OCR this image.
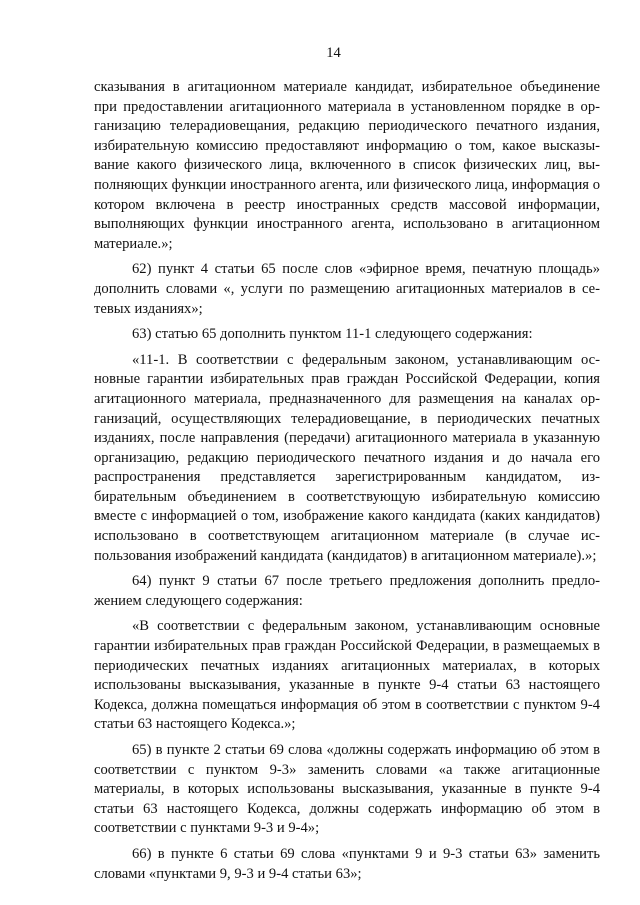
14

сказывания в агитационном материале кандидат, избирательное объединение при предоставлении агитационного материала в установленном порядке в организацию телерадиовещания, редакцию периодического печатного издания, избирательную комиссию предоставляют информацию о том, какое высказывание какого физического лица, включенного в список физических лиц, выполняющих функции иностранного агента, или физического лица, информация о котором включена в реестр иностранных средств массовой информации, выполняющих функции иностранного агента, использовано в агитационном материале.»;

62) пункт 4 статьи 65 после слов «эфирное время, печатную площадь» дополнить словами «, услуги по размещению агитационных материалов в сетевых изданиях»;

63) статью 65 дополнить пунктом 11-1 следующего содержания:

«11-1. В соответствии с федеральным законом, устанавливающим основные гарантии избирательных прав граждан Российской Федерации, копия агитационного материала, предназначенного для размещения на каналах организаций, осуществляющих телерадиовещание, в периодических печатных изданиях, после направления (передачи) агитационного материала в указанную организацию, редакцию периодического печатного издания и до начала его распространения представляется зарегистрированным кандидатом, избирательным объединением в соответствующую избирательную комиссию вместе с информацией о том, изображение какого кандидата (каких кандидатов) использовано в соответствующем агитационном материале (в случае использования изображений кандидата (кандидатов) в агитационном материале).»;

64) пункт 9 статьи 67 после третьего предложения дополнить предложением следующего содержания:

«В соответствии с федеральным законом, устанавливающим основные гарантии избирательных прав граждан Российской Федерации, в размещаемых в периодических печатных изданиях агитационных материалах, в которых использованы высказывания, указанные в пункте 9-4 статьи 63 настоящего Кодекса, должна помещаться информация об этом в соответствии с пунктом 9-4 статьи 63 настоящего Кодекса.»;

65) в пункте 2 статьи 69 слова «должны содержать информацию об этом в соответствии с пунктом 9-3» заменить словами «а также агитационные материалы, в которых использованы высказывания, указанные в пункте 9-4 статьи 63 настоящего Кодекса, должны содержать информацию об этом в соответствии с пунктами 9-3 и 9-4»;

66) в пункте 6 статьи 69 слова «пунктами 9 и 9-3 статьи 63» заменить словами «пунктами 9, 9-3 и 9-4 статьи 63»;
